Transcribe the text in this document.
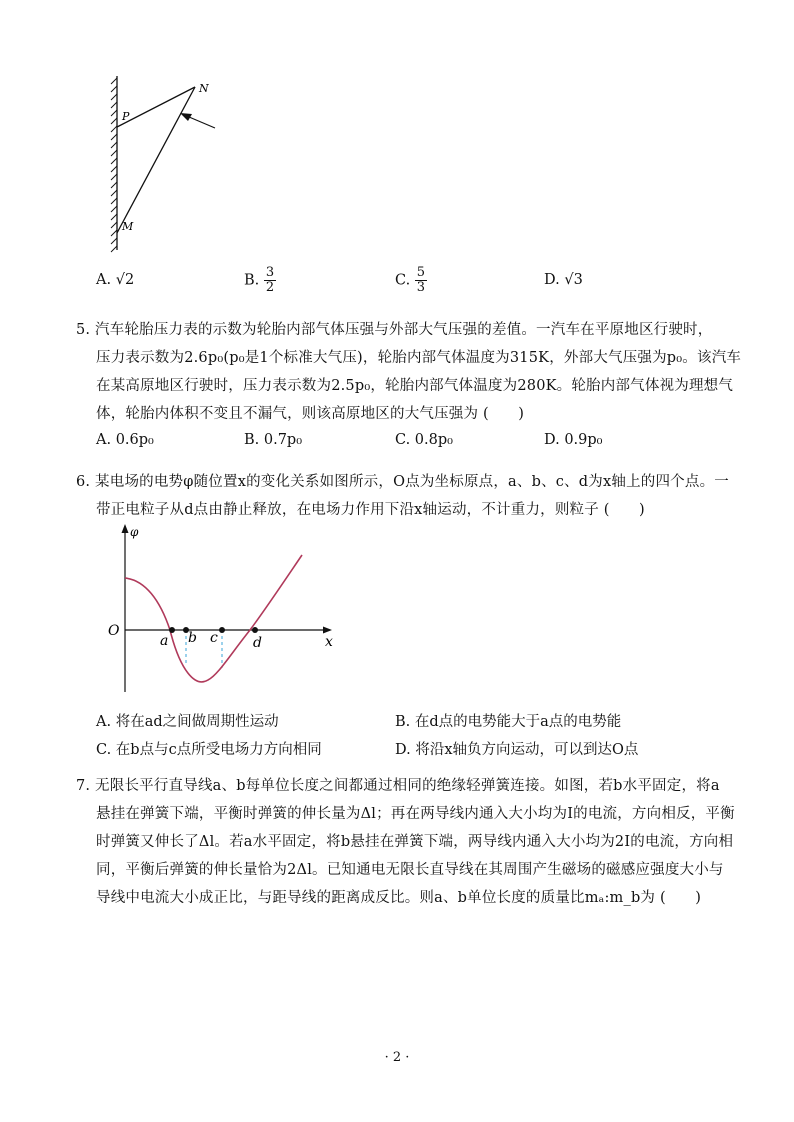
P
N
M
A. √2	B. $\frac{3}{2}$	C. $\frac{5}{3}$	D. √3
5. 汽车轮胎压力表的示数为轮胎内部气体压强与外部大气压强的差值。一汽车在平原地区行驶时，
压力表示数为2.6p₀(p₀是1个标准大气压)，轮胎内部气体温度为315K，外部大气压强为p₀。该汽车
在某高原地区行驶时，压力表示数为2.5p₀，轮胎内部气体温度为280K。轮胎内部气体视为理想气
体，轮胎内体积不变且不漏气，则该高原地区的大气压强为 (　　)
A. 0.6p₀	B. 0.7p₀	C. 0.8p₀	D. 0.9p₀
6. 某电场的电势φ随位置x的变化关系如图所示，O点为坐标原点，a、b、c、d为x轴上的四个点。一
带正电粒子从d点由静止释放，在电场力作用下沿x轴运动，不计重力，则粒子 (　　)
φ
x
O
a b c	d
A. 将在ad之间做周期性运动	B. 在d点的电势能大于a点的电势能
C. 在b点与c点所受电场力方向相同	D. 将沿x轴负方向运动，可以到达O点
7. 无限长平行直导线a、b每单位长度之间都通过相同的绝缘轻弹簧连接。如图，若b水平固定，将a
悬挂在弹簧下端，平衡时弹簧的伸长量为Δl；再在两导线内通入大小均为I的电流，方向相反，平衡
时弹簧又伸长了Δl。若a水平固定，将b悬挂在弹簧下端，两导线内通入大小均为2I的电流，方向相
同，平衡后弹簧的伸长量恰为2Δl。已知通电无限长直导线在其周围产生磁场的磁感应强度大小与
导线中电流大小成正比，与距导线的距离成反比。则a、b单位长度的质量比mₐ:m_b为 (　　)
· 2 ·
